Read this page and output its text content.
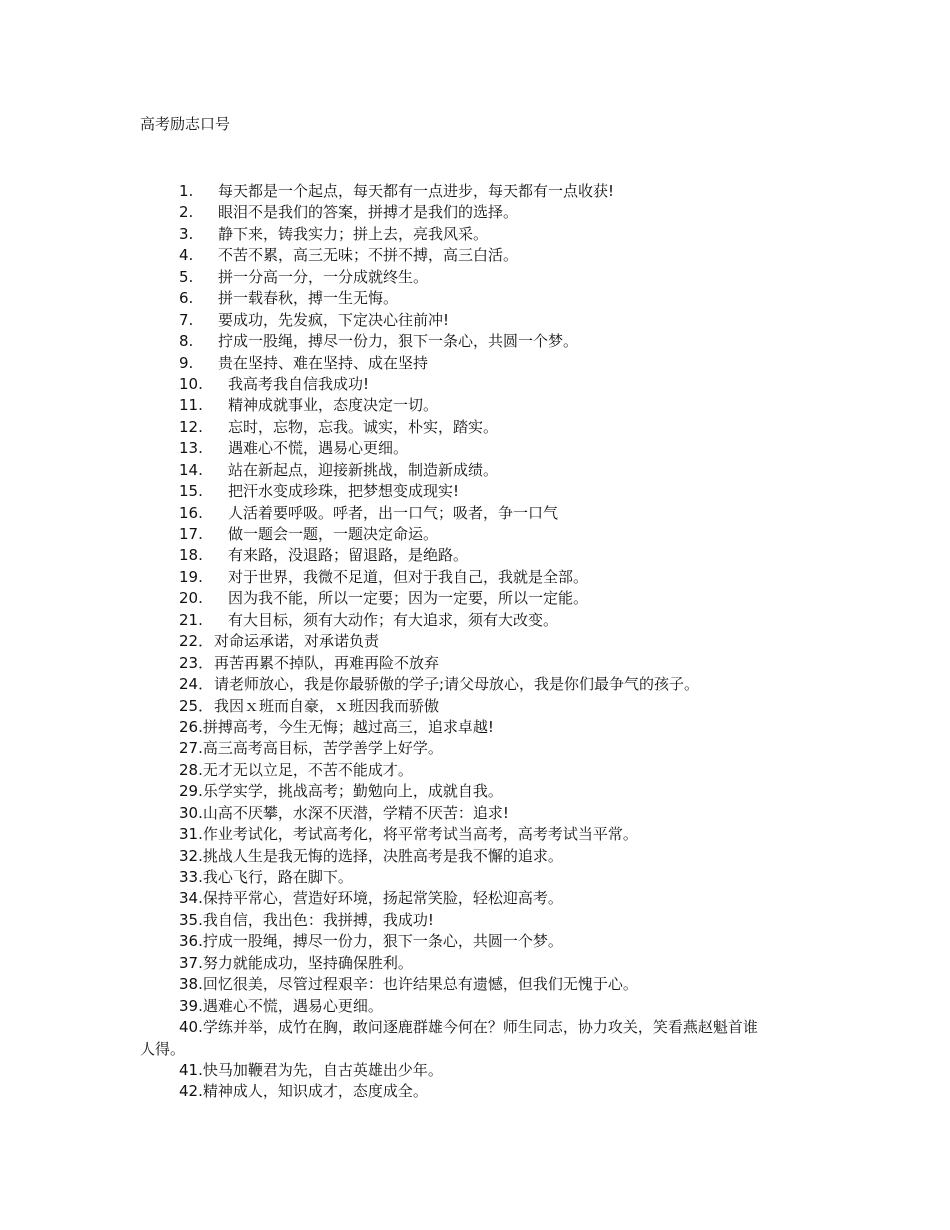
高考励志口号
1. 每天都是一个起点，每天都有一点进步，每天都有一点收获!
2. 眼泪不是我们的答案，拼搏才是我们的选择。
3. 静下来，铸我实力；拼上去，亮我风采。
4. 不苦不累，高三无味；不拼不搏，高三白活。
5. 拼一分高一分，一分成就终生。
6. 拼一载春秋，搏一生无悔。
7. 要成功，先发疯，下定决心往前冲!
8. 拧成一股绳，搏尽一份力，狠下一条心，共圆一个梦。
9. 贵在坚持、难在坚持、成在坚持
10. 我高考我自信我成功!
11. 精神成就事业，态度决定一切。
12. 忘时，忘物，忘我。诚实，朴实，踏实。
13. 遇难心不慌，遇易心更细。
14. 站在新起点，迎接新挑战，制造新成绩。
15. 把汗水变成珍珠，把梦想变成现实!
16. 人活着要呼吸。呼者，出一口气；吸者，争一口气
17. 做一题会一题，一题决定命运。
18. 有来路，没退路；留退路，是绝路。
19. 对于世界，我微不足道，但对于我自己，我就是全部。
20. 因为我不能，所以一定要；因为一定要，所以一定能。
21. 有大目标，须有大动作；有大追求，须有大改变。
22． 对命运承诺，对承诺负责
23． 再苦再累不掉队，再难再险不放弃
24． 请老师放心，我是你最骄傲的学子;请父母放心，我是你们最争气的孩子。
25． 我因ｘ班而自豪，ｘ班因我而骄傲
26.拼搏高考，今生无悔；越过高三，追求卓越!
27.高三高考高目标，苦学善学上好学。
28.无才无以立足，不苦不能成才。
29.乐学实学，挑战高考；勤勉向上，成就自我。
30.山高不厌攀，水深不厌潜，学精不厌苦：追求!
31.作业考试化，考试高考化，将平常考试当高考，高考考试当平常。
32.挑战人生是我无悔的选择，决胜高考是我不懈的追求。
33.我心飞行，路在脚下。
34.保持平常心，营造好环境，扬起常笑脸，轻松迎高考。
35.我自信，我出色：我拼搏，我成功!
36.拧成一股绳，搏尽一份力，狠下一条心，共圆一个梦。
37.努力就能成功，坚持确保胜利。
38.回忆很美，尽管过程艰辛：也许结果总有遗憾，但我们无愧于心。
39.遇难心不慌，遇易心更细。
40.学练并举，成竹在胸，敢问逐鹿群雄今何在？师生同志，协力攻关，笑看燕赵魁首谁
人得。
41.快马加鞭君为先，自古英雄出少年。
42.精神成人，知识成才，态度成全。
